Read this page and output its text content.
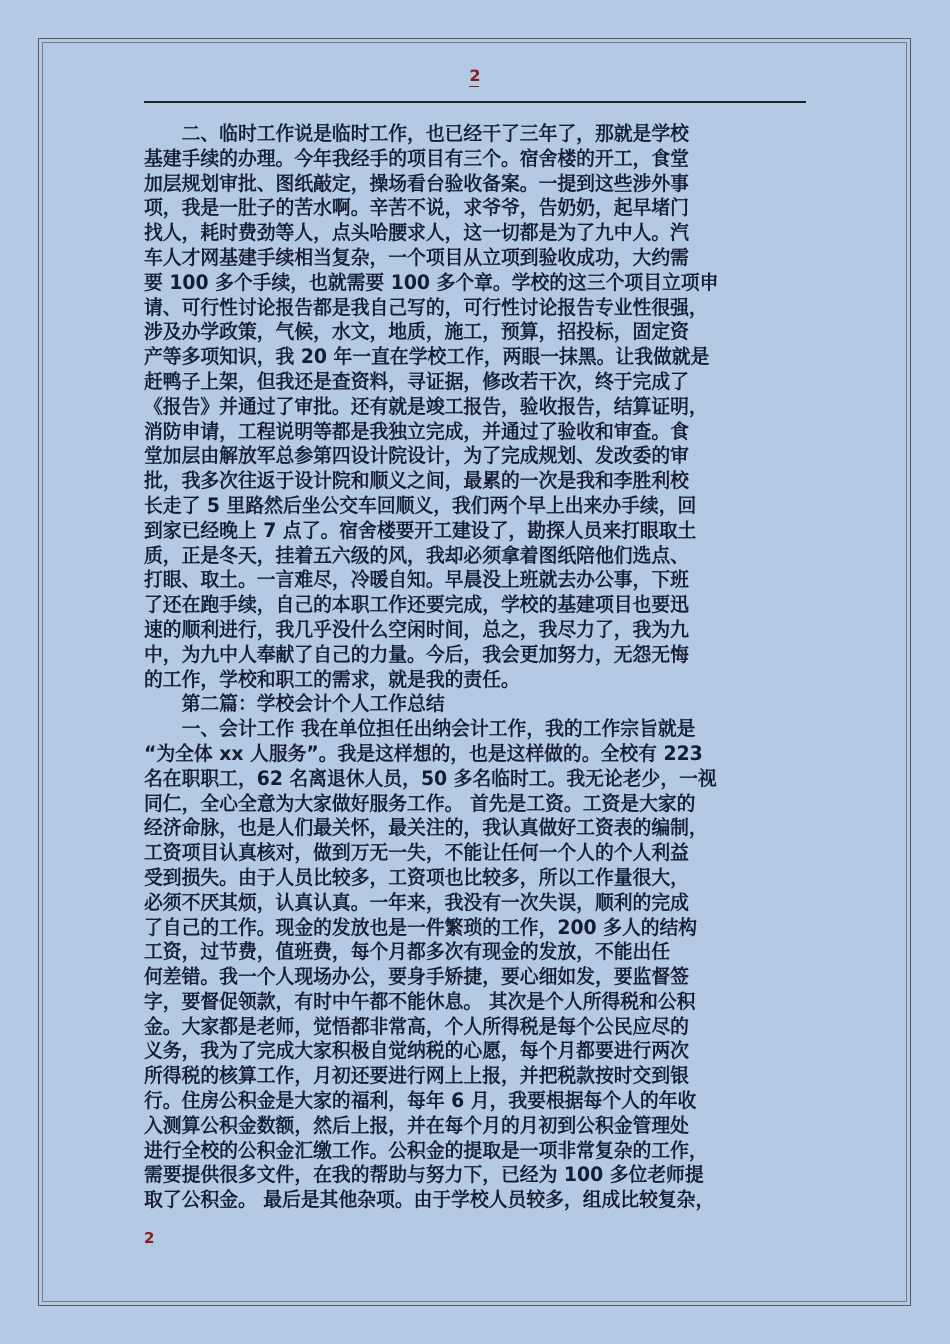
2
　　二、临时工作说是临时工作，也已经干了三年了，那就是学校基建手续的办理。今年我经手的项目有三个。宿舍楼的开工，食堂加层规划审批、图纸敲定，操场看台验收备案。一提到这些涉外事项，我是一肚子的苦水啊。辛苦不说，求爷爷，告奶奶，起早堵门找人，耗时费劲等人，点头哈腰求人，这一切都是为了九中人。汽车人才网基建手续相当复杂，一个项目从立项到验收成功，大约需要 100 多个手续，也就需要 100 多个章。学校的这三个项目立项申请、可行性讨论报告都是我自己写的，可行性讨论报告专业性很强，涉及办学政策，气候，水文，地质，施工，预算，招投标，固定资产等多项知识，我 20 年一直在学校工作，两眼一抹黑。让我做就是赶鸭子上架，但我还是查资料，寻证据，修改若干次，终于完成了《报告》并通过了审批。还有就是竣工报告，验收报告，结算证明，消防申请，工程说明等都是我独立完成，并通过了验收和审查。食堂加层由解放军总参第四设计院设计，为了完成规划、发改委的审批，我多次往返于设计院和顺义之间，最累的一次是我和李胜利校长走了 5 里路然后坐公交车回顺义，我们两个早上出来办手续，回到家已经晚上 7 点了。宿舍楼要开工建设了，勘探人员来打眼取土质，正是冬天，挂着五六级的风，我却必须拿着图纸陪他们选点、打眼、取土。一言难尽，冷暖自知。早晨没上班就去办公事，下班了还在跑手续，自己的本职工作还要完成，学校的基建项目也要迅速的顺利进行，我几乎没什么空闲时间，总之，我尽力了，我为九中，为九中人奉献了自己的力量。今后，我会更加努力，无怨无悔的工作，学校和职工的需求，就是我的责任。　　第二篇：学校会计个人工作总结　　一、会计工作 我在单位担任出纳会计工作，我的工作宗旨就是“为全体 xx 人服务”。我是这样想的，也是这样做的。全校有 223名在职职工，62 名离退休人员，50 多名临时工。我无论老少，一视同仁，全心全意为大家做好服务工作。 首先是工资。工资是大家的经济命脉，也是人们最关怀，最关注的，我认真做好工资表的编制，工资项目认真核对，做到万无一失，不能让任何一个人的个人利益受到损失。由于人员比较多，工资项也比较多，所以工作量很大，必须不厌其烦，认真认真。一年来，我没有一次失误，顺利的完成了自己的工作。现金的发放也是一件繁琐的工作，200 多人的结构工资，过节费，值班费，每个月都多次有现金的发放，不能出任何差错。我一个人现场办公，要身手矫捷，要心细如发，要监督签字，要督促领款，有时中午都不能休息。 其次是个人所得税和公积金。大家都是老师，觉悟都非常高，个人所得税是每个公民应尽的义务，我为了完成大家积极自觉纳税的心愿，每个月都要进行两次所得税的核算工作，月初还要进行网上上报，并把税款按时交到银行。住房公积金是大家的福利，每年 6 月，我要根据每个人的年收入测算公积金数额，然后上报，并在每个月的月初到公积金管理处进行全校的公积金汇缴工作。公积金的提取是一项非常复杂的工作，需要提供很多文件，在我的帮助与努力下，已经为 100 多位老师提取了公积金。 最后是其他杂项。由于学校人员较多，组成比较复杂，
2
